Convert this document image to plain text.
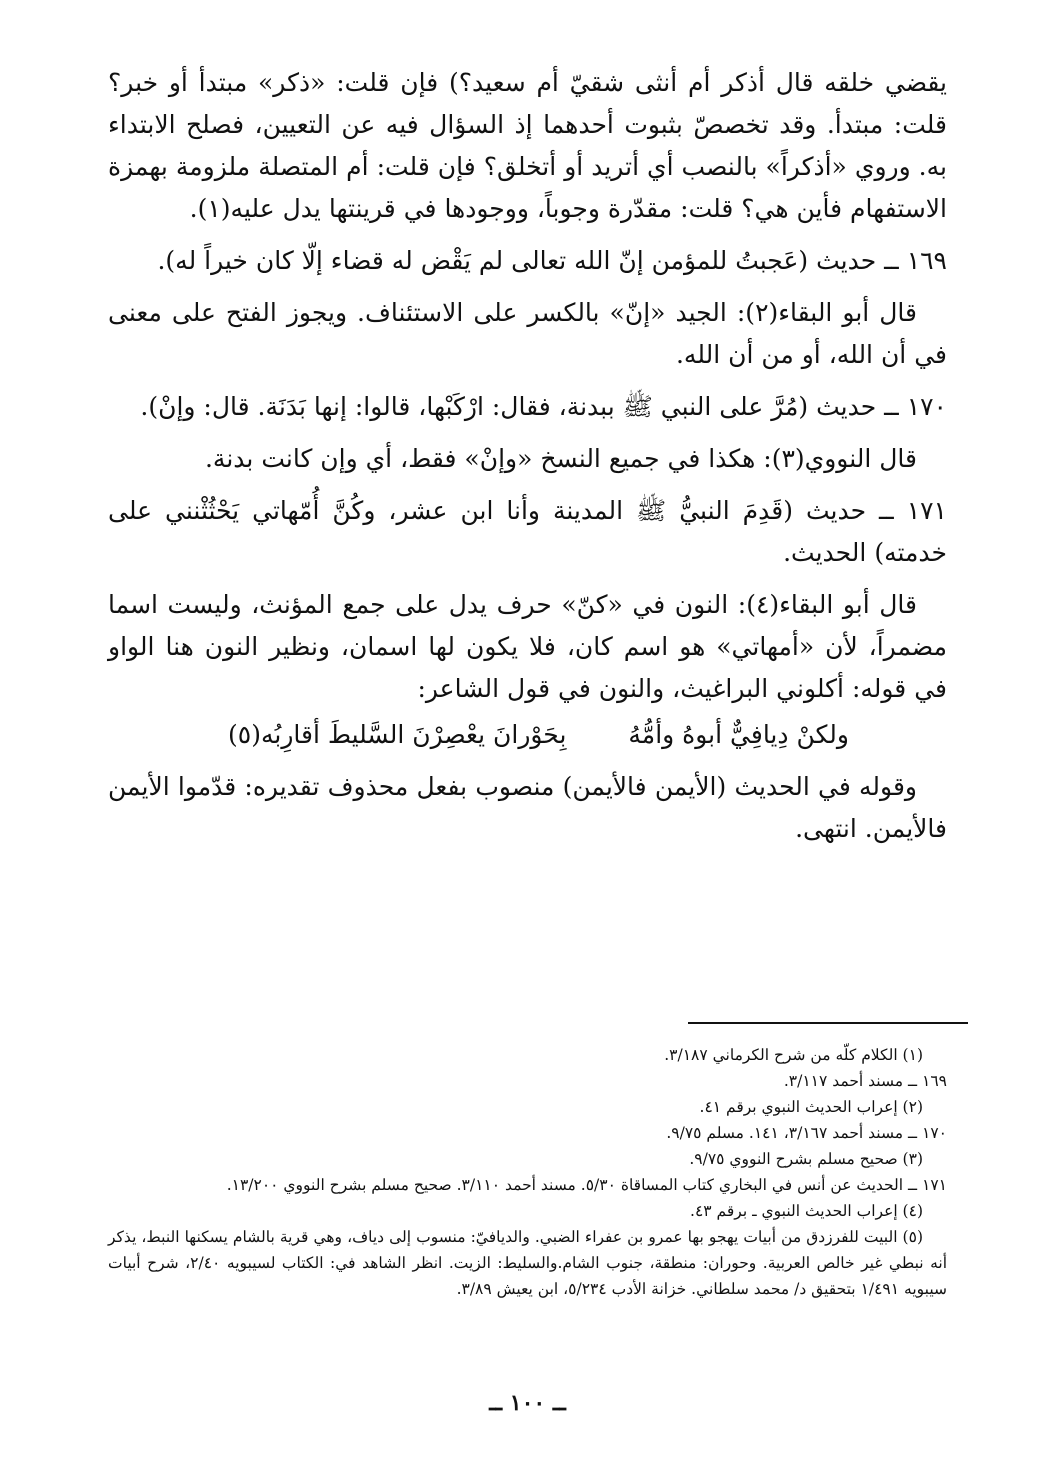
يقضي خلقه قال أذكر أم أنثى شقيّ أم سعيد؟) فإن قلت: «ذكر» مبتدأ أو خبر؟ قلت: مبتدأ. وقد تخصصّ بثبوت أحدهما إذ السؤال فيه عن التعيين، فصلح الابتداء به. وروي «أذكراً» بالنصب أي أتريد أو أتخلق؟ فإن قلت: أم المتصلة ملزومة بهمزة الاستفهام فأين هي؟ قلت: مقدّرة وجوباً، ووجودها في قرينتها يدل عليه(١).

١٦٩ ــ حديث (عَجبتُ للمؤمن إنّ الله تعالى لم يَقْض له قضاء إلّا كان خيراً له).

قال أبو البقاء(٢): الجيد «إنّ» بالكسر على الاستئناف. ويجوز الفتح على معنى في أن الله، أو من أن الله.

١٧٠ ــ حديث (مُرَّ على النبي ﷺ ببدنة، فقال: ارْكَبْها، قالوا: إنها بَدَنَة. قال: وإنْ).

قال النووي(٣): هكذا في جميع النسخ «وإنْ» فقط، أي وإن كانت بدنة.

١٧١ ــ حديث (قَدِمَ النبيُّ ﷺ المدينة وأنا ابن عشر، وكُنَّ أُمّهاتي يَحْثُثْنني على خدمته) الحديث.

قال أبو البقاء(٤): النون في «كنّ» حرف يدل على جمع المؤنث، وليست اسما مضمراً، لأن «أمهاتي» هو اسم كان، فلا يكون لها اسمان، ونظير النون هنا الواو في قوله: أكلوني البراغيث، والنون في قول الشاعر:

ولكنْ دِيافِيٌّ أبوهُ وأمُّهُ
بِحَوْرانَ يعْصِرْنَ السَّليطَ أقارِبُه(٥)

وقوله في الحديث (الأيمن فالأيمن) منصوب بفعل محذوف تقديره: قدّموا الأيمن فالأيمن. انتهى.

(١) الكلام كلّه من شرح الكرماني ٣/١٨٧.

١٦٩ ــ مسند أحمد ٣/١١٧.

(٢) إعراب الحديث النبوي برقم ٤١.

١٧٠ ــ مسند أحمد ٣/١٦٧، ١٤١. مسلم ٩/٧٥.

(٣) صحيح مسلم بشرح النووي ٩/٧٥.

١٧١ ــ الحديث عن أنس في البخاري كتاب المساقاة ٥/٣٠. مسند أحمد ٣/١١٠. صحيح مسلم بشرح النووي ١٣/٢٠٠.

(٤) إعراب الحديث النبوي ـ برقم ٤٣.

(٥) البيت للفرزدق من أبيات يهجو بها عمرو بن عفراء الضبي. والديافيّ: منسوب إلى دياف، وهي قرية بالشام يسكنها النبط، يذكر أنه نبطي غير خالص العربية. وحوران: منطقة، جنوب الشام.والسليط: الزيت. انظر الشاهد في: الكتاب لسيبويه ٢/٤٠، شرح أبيات سيبويه ١/٤٩١ بتحقيق د/ محمد سلطاني. خزانة الأدب ٥/٢٣٤، ابن يعيش ٣/٨٩.

ــ ١٠٠ ــ
